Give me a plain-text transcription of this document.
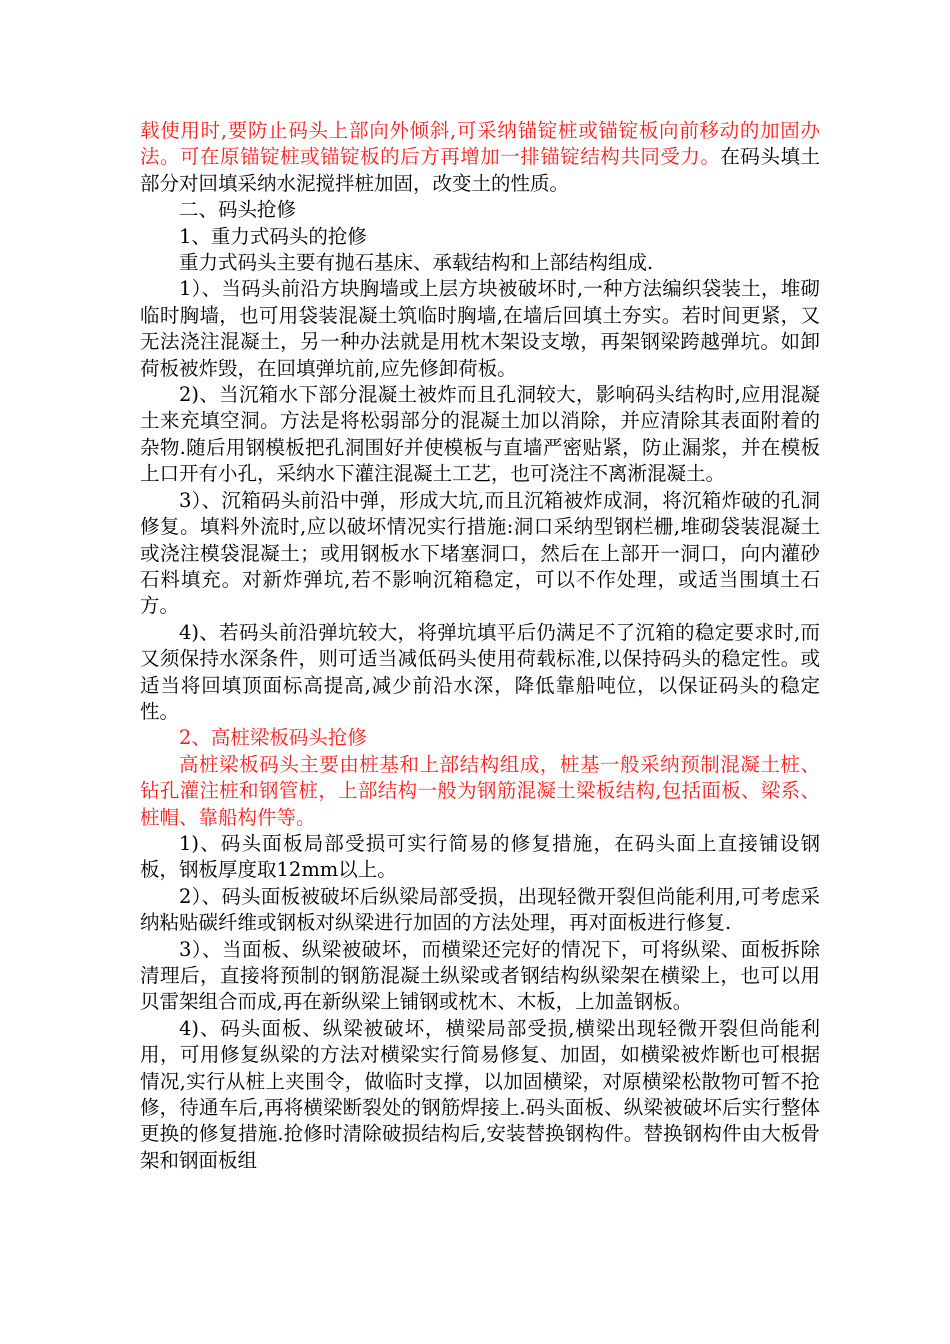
载使用时,要防止码头上部向外倾斜,可采纳锚锭桩或锚锭板向前移动的加固办法。可在原锚锭桩或锚锭板的后方再增加一排锚锭结构共同受力。在码头填土部分对回填采纳水泥搅拌桩加固，改变土的性质。

二、码头抢修

1、重力式码头的抢修

重力式码头主要有抛石基床、承载结构和上部结构组成.

1）、当码头前沿方块胸墙或上层方块被破坏时,一种方法编织袋装土，堆砌临时胸墙，也可用袋装混凝土筑临时胸墙,在墙后回填土夯实。若时间更紧，又无法浇注混凝土，另一种办法就是用枕木架设支墩，再架钢梁跨越弹坑。如卸荷板被炸毁，在回填弹坑前,应先修卸荷板。

2)、当沉箱水下部分混凝土被炸而且孔洞较大，影响码头结构时,应用混凝土来充填空洞。方法是将松弱部分的混凝土加以消除，并应清除其表面附着的杂物.随后用钢模板把孔洞围好并使模板与直墙严密贴紧，防止漏浆，并在模板上口开有小孔，采纳水下灌注混凝土工艺，也可浇注不离淅混凝土。

3）、沉箱码头前沿中弹，形成大坑,而且沉箱被炸成洞，将沉箱炸破的孔洞修复。填料外流时,应以破坏情况实行措施:洞口采纳型钢栏栅,堆砌袋装混凝土或浇注模袋混凝土；或用钢板水下堵塞洞口，然后在上部开一洞口，向内灌砂石料填充。对新炸弹坑,若不影响沉箱稳定，可以不作处理，或适当围填土石方。

4)、若码头前沿弹坑较大，将弹坑填平后仍满足不了沉箱的稳定要求时,而又须保持水深条件，则可适当减低码头使用荷载标准,以保持码头的稳定性。或适当将回填顶面标高提高,减少前沿水深，降低靠船吨位，以保证码头的稳定性。

2、高桩梁板码头抢修

高桩梁板码头主要由桩基和上部结构组成，桩基一般采纳预制混凝土桩、钻孔灌注桩和钢管桩，上部结构一般为钢筋混凝土梁板结构,包括面板、梁系、桩帽、靠船构件等。

1)、码头面板局部受损可实行简易的修复措施，在码头面上直接铺设钢板，钢板厚度取12mm以上。

2）、码头面板被破坏后纵梁局部受损，出现轻微开裂但尚能利用,可考虑采纳粘贴碳纤维或钢板对纵梁进行加固的方法处理，再对面板进行修复.

3）、当面板、纵梁被破坏，而横梁还完好的情况下，可将纵梁、面板拆除清理后，直接将预制的钢筋混凝土纵梁或者钢结构纵梁架在横梁上，也可以用贝雷架组合而成,再在新纵梁上铺钢或枕木、木板，上加盖钢板。

4)、码头面板、纵梁被破坏，横梁局部受损,横梁出现轻微开裂但尚能利用，可用修复纵梁的方法对横梁实行简易修复、加固，如横梁被炸断也可根据情况,实行从桩上夹围令，做临时支撑，以加固横梁，对原横梁松散物可暂不抢修，待通车后,再将横梁断裂处的钢筋焊接上.码头面板、纵梁被破坏后实行整体更换的修复措施.抢修时清除破损结构后,安装替换钢构件。替换钢构件由大板骨架和钢面板组
